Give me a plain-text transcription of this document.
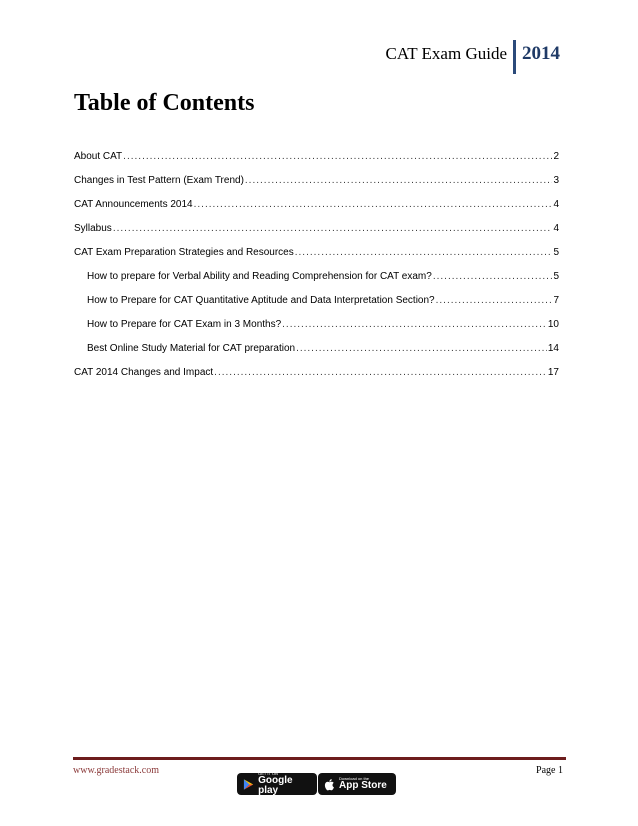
CAT Exam Guide 2014
Table of Contents
About CAT .....	2
Changes in Test Pattern (Exam Trend) .....	3
CAT Announcements 2014 .....	4
Syllabus .....	4
CAT Exam Preparation Strategies and Resources .....	5
How to prepare for Verbal Ability and Reading Comprehension for CAT exam? .....	5
How to Prepare for CAT Quantitative Aptitude and Data Interpretation Section? .....	7
How to Prepare for CAT Exam in 3 Months? .....	10
Best Online Study Material for CAT preparation .....	14
CAT 2014 Changes and Impact .....	17
www.gradestack.com	Page 1
GET IT ON
Google play
Download on the
App Store
